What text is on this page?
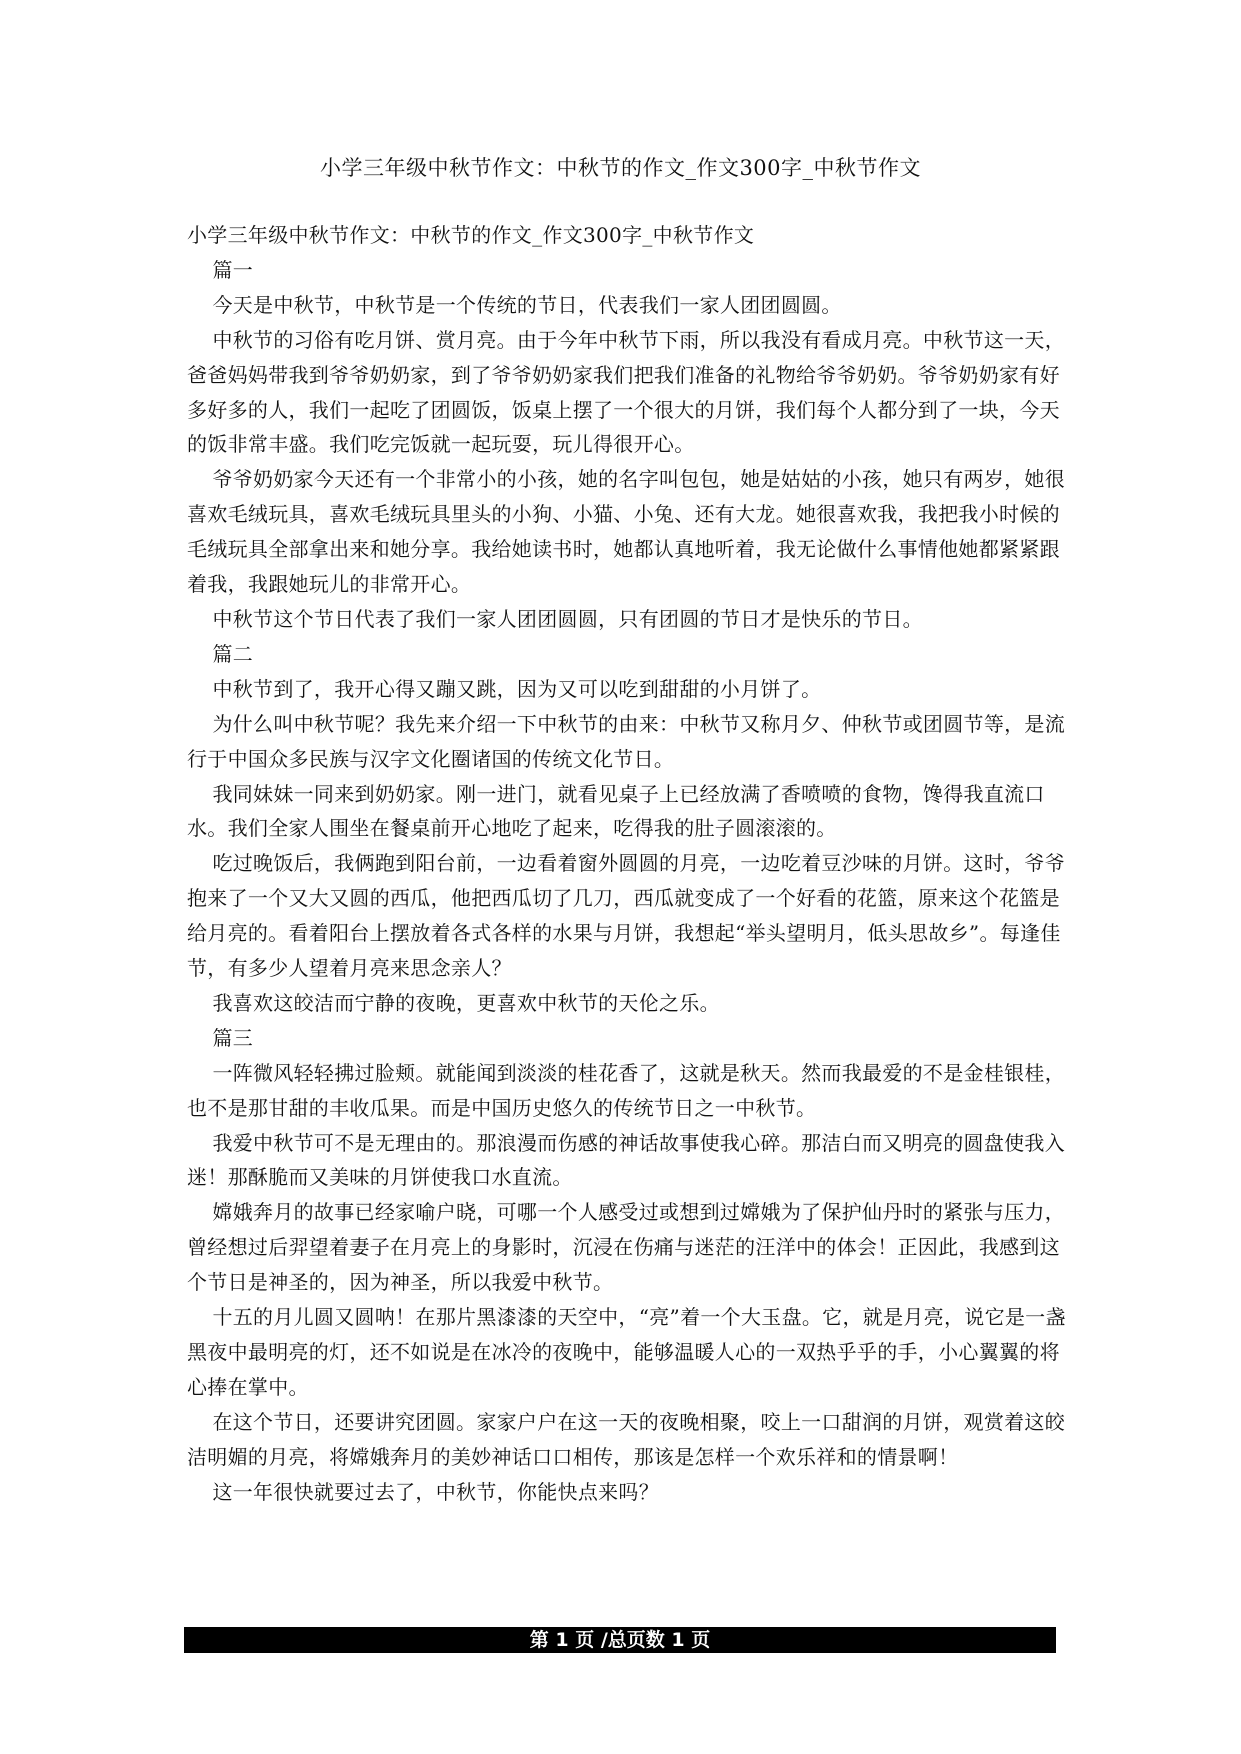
小学三年级中秋节作文：中秋节的作文_作文300字_中秋节作文

小学三年级中秋节作文：中秋节的作文_作文300字_中秋节作文

篇一

今天是中秋节，中秋节是一个传统的节日，代表我们一家人团团圆圆。

中秋节的习俗有吃月饼、赏月亮。由于今年中秋节下雨，所以我没有看成月亮。中秋节这一天，爸爸妈妈带我到爷爷奶奶家，到了爷爷奶奶家我们把我们准备的礼物给爷爷奶奶。爷爷奶奶家有好多好多的人，我们一起吃了团圆饭，饭桌上摆了一个很大的月饼，我们每个人都分到了一块，今天的饭非常丰盛。我们吃完饭就一起玩耍，玩儿得很开心。

爷爷奶奶家今天还有一个非常小的小孩，她的名字叫包包，她是姑姑的小孩，她只有两岁，她很喜欢毛绒玩具，喜欢毛绒玩具里头的小狗、小猫、小兔、还有大龙。她很喜欢我，我把我小时候的毛绒玩具全部拿出来和她分享。我给她读书时，她都认真地听着，我无论做什么事情他她都紧紧跟着我，我跟她玩儿的非常开心。

中秋节这个节日代表了我们一家人团团圆圆，只有团圆的节日才是快乐的节日。

篇二

中秋节到了，我开心得又蹦又跳，因为又可以吃到甜甜的小月饼了。

为什么叫中秋节呢？我先来介绍一下中秋节的由来：中秋节又称月夕、仲秋节或团圆节等，是流行于中国众多民族与汉字文化圈诸国的传统文化节日。

我同妹妹一同来到奶奶家。刚一进门，就看见桌子上已经放满了香喷喷的食物，馋得我直流口水。我们全家人围坐在餐桌前开心地吃了起来，吃得我的肚子圆滚滚的。

吃过晚饭后，我俩跑到阳台前，一边看着窗外圆圆的月亮，一边吃着豆沙味的月饼。这时，爷爷抱来了一个又大又圆的西瓜，他把西瓜切了几刀，西瓜就变成了一个好看的花篮，原来这个花篮是给月亮的。看着阳台上摆放着各式各样的水果与月饼，我想起“举头望明月，低头思故乡”。每逢佳节，有多少人望着月亮来思念亲人？

我喜欢这皎洁而宁静的夜晚，更喜欢中秋节的天伦之乐。

篇三

一阵微风轻轻拂过脸颊。就能闻到淡淡的桂花香了，这就是秋天。然而我最爱的不是金桂银桂，也不是那甘甜的丰收瓜果。而是中国历史悠久的传统节日之一中秋节。

我爱中秋节可不是无理由的。那浪漫而伤感的神话故事使我心碎。那洁白而又明亮的圆盘使我入迷！那酥脆而又美味的月饼使我口水直流。

嫦娥奔月的故事已经家喻户晓，可哪一个人感受过或想到过嫦娥为了保护仙丹时的紧张与压力，曾经想过后羿望着妻子在月亮上的身影时，沉浸在伤痛与迷茫的汪洋中的体会！正因此，我感到这个节日是神圣的，因为神圣，所以我爱中秋节。

十五的月儿圆又圆呐！在那片黑漆漆的天空中，“亮”着一个大玉盘。它，就是月亮，说它是一盏黑夜中最明亮的灯，还不如说是在冰冷的夜晚中，能够温暖人心的一双热乎乎的手，小心翼翼的将心捧在掌中。

在这个节日，还要讲究团圆。家家户户在这一天的夜晚相聚，咬上一口甜润的月饼，观赏着这皎洁明媚的月亮，将嫦娥奔月的美妙神话口口相传，那该是怎样一个欢乐祥和的情景啊！

这一年很快就要过去了，中秋节，你能快点来吗？

第 1 页 /总页数 1 页
